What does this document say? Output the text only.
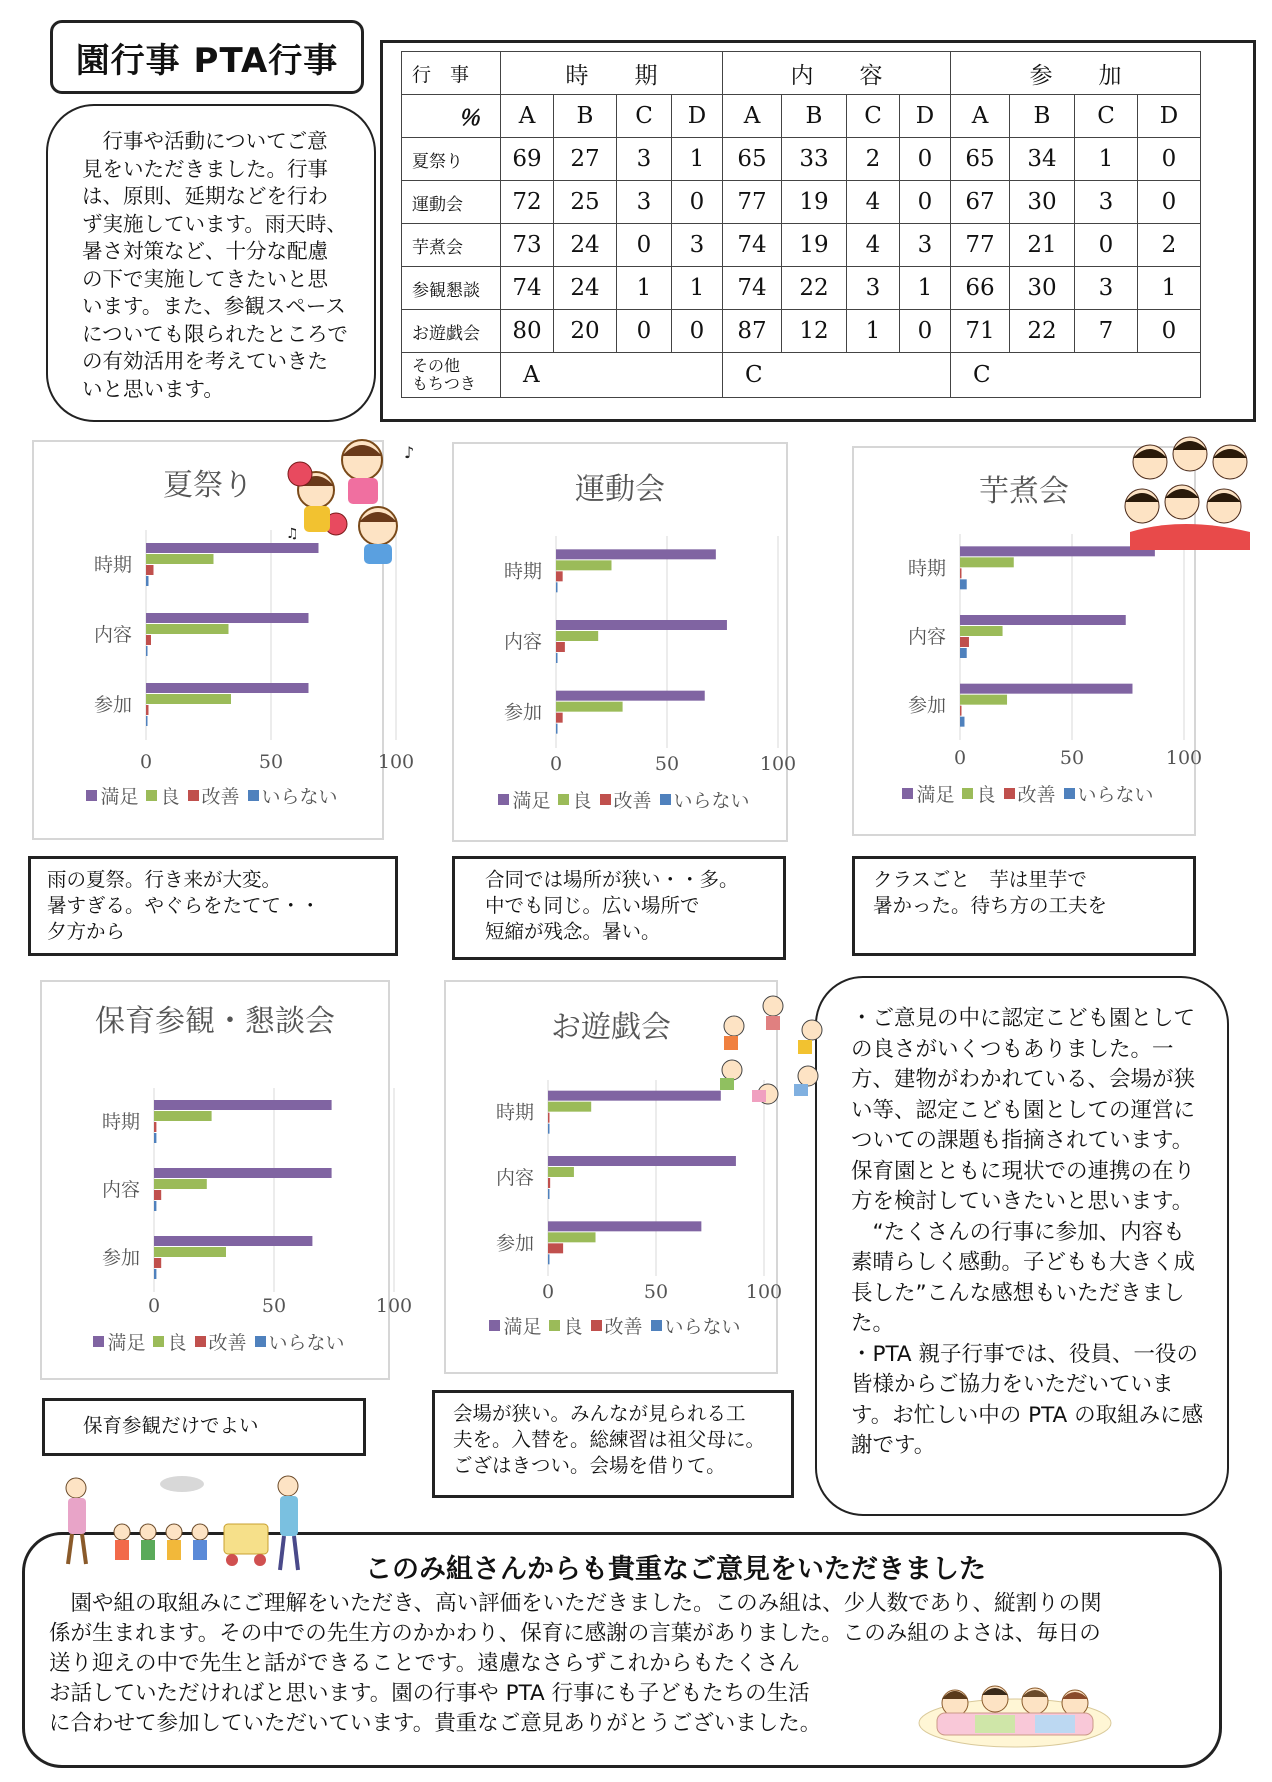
園行事 PTA行事
　行事や活動についてご意見をいただきました。行事は、原則、延期などを行わず実施しています。雨天時、暑さ対策など、十分な配慮の下で実施してきたいと思います。また、参観スペースについても限られたところでの有効活用を考えていきたいと思います。
行　事	時　　期				内　　容				参　　加			
％	A	B	C	D	A	B	C	D	A	B	C	D
夏祭り	69	27	3	1	65	33	2	0	65	34	1	0
運動会	72	25	3	0	77	19	4	0	67	30	3	0
芋煮会	73	24	0	3	74	19	4	3	77	21	0	2
参観懇談	74	24	1	1	74	22	3	1	66	30	3	1
お遊戯会	80	20	0	0	87	12	1	0	71	22	7	0
その他
もちつき	A				C				C			
夏祭り
0	50	100
時期
内容
参加
満足 良 改善 いらない
運動会
0	50	100
時期
内容
参加
満足 良 改善 いらない
芋煮会
0	50	100
時期
内容
参加
満足 良 改善 いらない
保育参観・懇談会
0	50	100
時期
内容
参加
満足 良 改善 いらない
お遊戯会
0	50	100
時期
内容
参加
満足 良 改善 いらない
雨の夏祭。行き来が大変。
暑すぎる。やぐらをたてて・・
夕方から
合同では場所が狭い・・多。
中でも同じ。広い場所で
短縮が残念。暑い。
クラスごと　芋は里芋で
暑かった。待ち方の工夫を
保育参観だけでよい
会場が狭い。みんなが見られる工
夫を。入替を。総練習は祖父母に。
ござはきつい。会場を借りて。
・ご意見の中に認定こども園としての良さがいくつもありました。一方、建物がわかれている、会場が狭い等、認定こども園としての運営についての課題も指摘されています。保育園とともに現状での連携の在り方を検討していきたいと思います。
　“たくさんの行事に参加、内容も素晴らしく感動。子どもも大きく成長した”こんな感想もいただきました。
・PTA 親子行事では、役員、一役の皆様からご協力をいただいています。お忙しい中の PTA の取組みに感謝です。
このみ組さんからも貴重なご意見をいただきました
　園や組の取組みにご理解をいただき、高い評価をいただきました。このみ組は、少人数であり、縦割りの関
係が生まれます。その中での先生方のかかわり、保育に感謝の言葉がありました。このみ組のよさは、毎日の
送り迎えの中で先生と話ができることです。遠慮なさらずこれからもたくさん
お話していただければと思います。園の行事や PTA 行事にも子どもたちの生活
に合わせて参加していただいています。貴重なご意見ありがとうございました。
♪
♫
